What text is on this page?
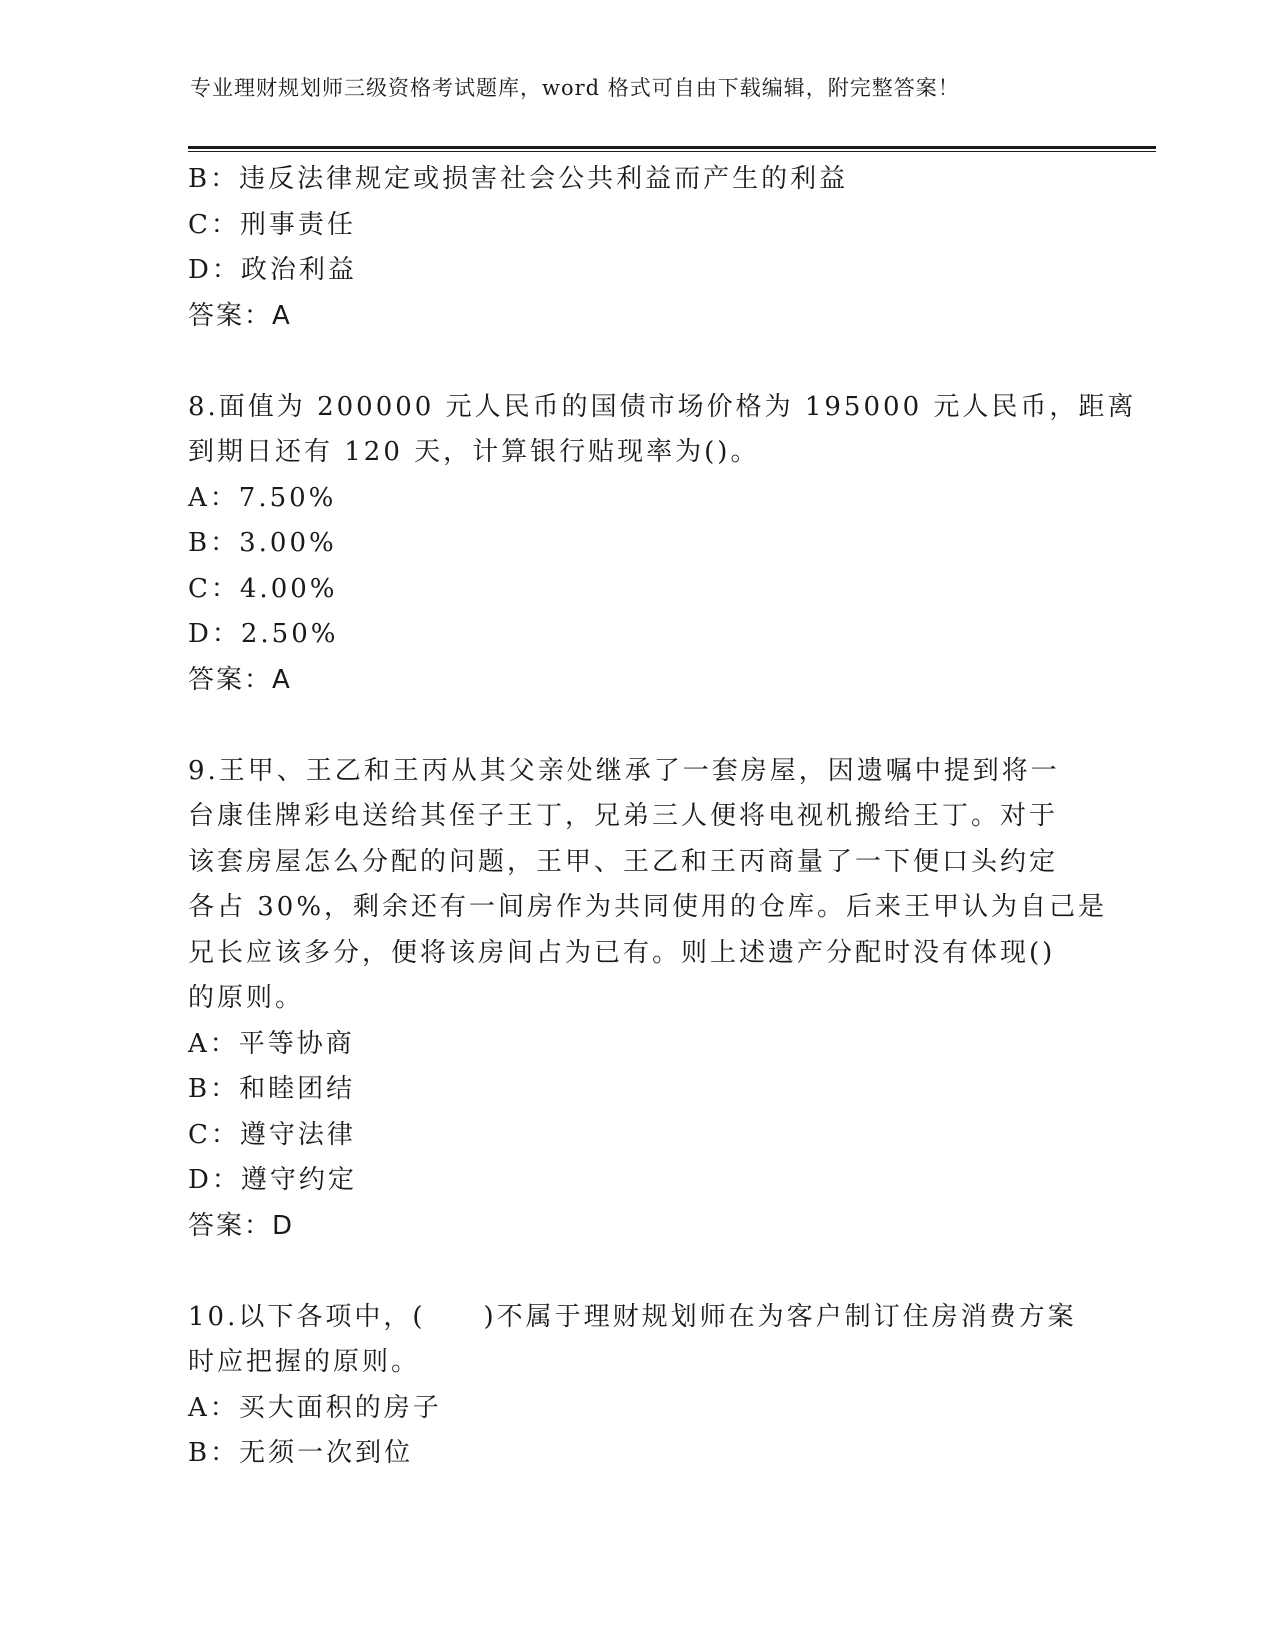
专业理财规划师三级资格考试题库，word 格式可自由下载编辑，附完整答案！
B：违反法律规定或损害社会公共利益而产生的利益
C：刑事责任
D：政治利益
答案：A
8.面值为 200000 元人民币的国债市场价格为 195000 元人民币，距离
到期日还有 120 天，计算银行贴现率为()。
A：7.50%
B：3.00%
C：4.00%
D：2.50%
答案：A
9.王甲、王乙和王丙从其父亲处继承了一套房屋，因遗嘱中提到将一
台康佳牌彩电送给其侄子王丁，兄弟三人便将电视机搬给王丁。对于
该套房屋怎么分配的问题，王甲、王乙和王丙商量了一下便口头约定
各占 30%，剩余还有一间房作为共同使用的仓库。后来王甲认为自己是
兄长应该多分，便将该房间占为已有。则上述遗产分配时没有体现()
的原则。
A：平等协商
B：和睦团结
C：遵守法律
D：遵守约定
答案：D
10.以下各项中，(　　)不属于理财规划师在为客户制订住房消费方案
时应把握的原则。
A：买大面积的房子
B：无须一次到位
